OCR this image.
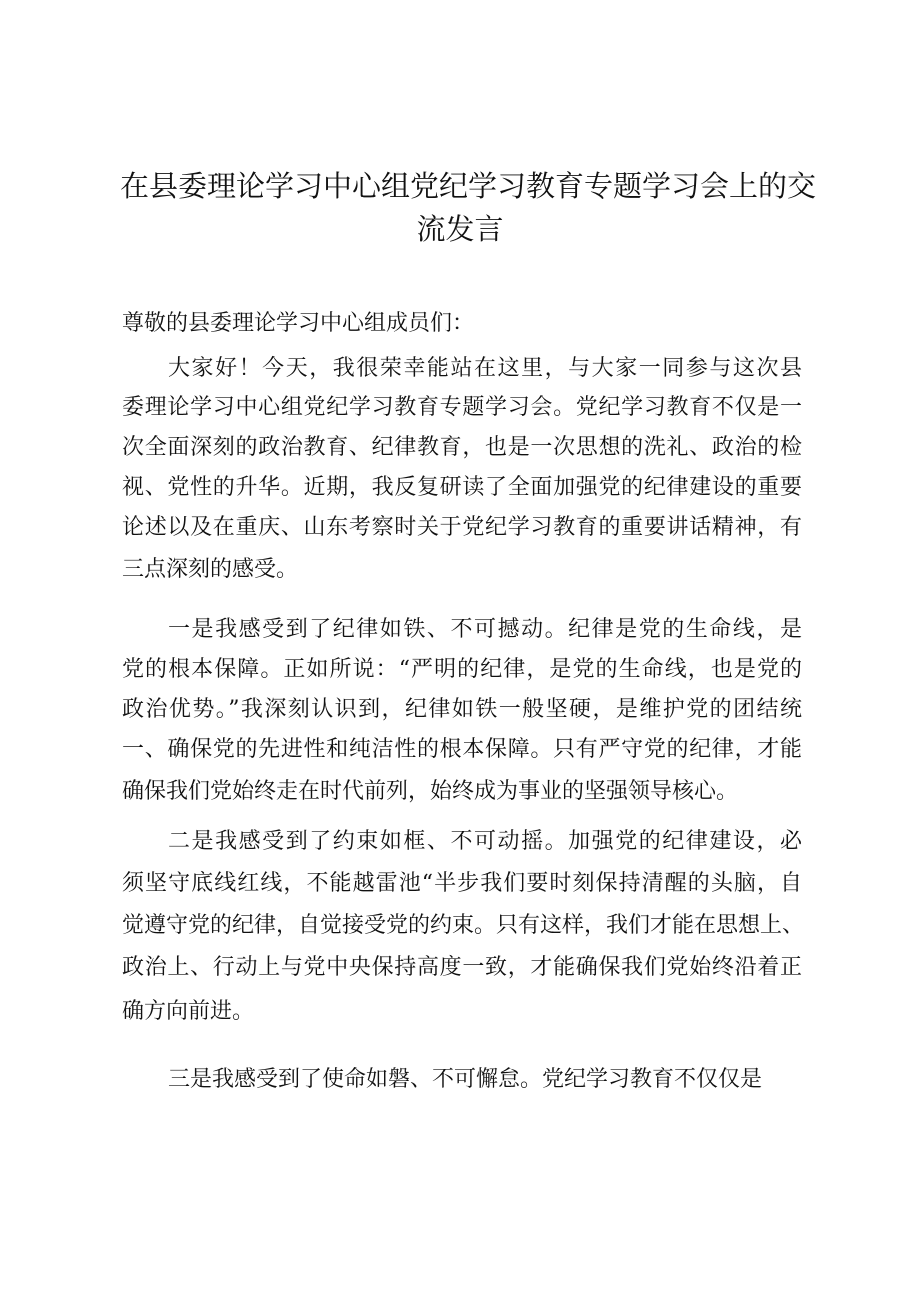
在县委理论学习中心组党纪学习教育专题学习会上的交
流发言
尊敬的县委理论学习中心组成员们：
大家好！今天，我很荣幸能站在这里，与大家一同参与这次县
委理论学习中心组党纪学习教育专题学习会。党纪学习教育不仅是一
次全面深刻的政治教育、纪律教育，也是一次思想的洗礼、政治的检
视、党性的升华。近期，我反复研读了全面加强党的纪律建设的重要
论述以及在重庆、山东考察时关于党纪学习教育的重要讲话精神，有
三点深刻的感受。
一是我感受到了纪律如铁、不可撼动。纪律是党的生命线，是
党的根本保障。正如所说：“严明的纪律，是党的生命线，也是党的
政治优势。”我深刻认识到，纪律如铁一般坚硬，是维护党的团结统
一、确保党的先进性和纯洁性的根本保障。只有严守党的纪律，才能
确保我们党始终走在时代前列，始终成为事业的坚强领导核心。
二是我感受到了约束如框、不可动摇。加强党的纪律建设，必
须坚守底线红线，不能越雷池“半步我们要时刻保持清醒的头脑，自
觉遵守党的纪律，自觉接受党的约束。只有这样，我们才能在思想上、
政治上、行动上与党中央保持高度一致，才能确保我们党始终沿着正
确方向前进。
三是我感受到了使命如磐、不可懈怠。党纪学习教育不仅仅是
